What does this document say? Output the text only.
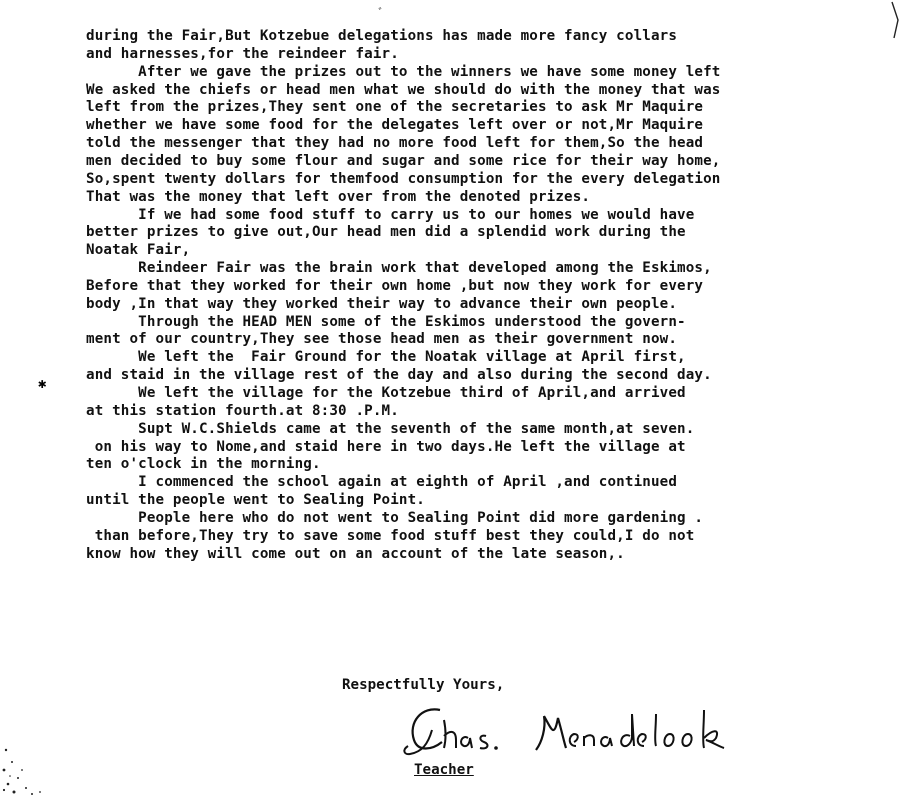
ﾞ
during the Fair,But Kotzebue delegations has made more fancy collars
and harnesses,for the reindeer fair.
After we gave the prizes out to the winners we have some money left
We asked the chiefs or head men what we should do with the money that was
left from the prizes,They sent one of the secretaries to ask Mr Maquire
whether we have some food for the delegates left over or not,Mr Maquire
told the messenger that they had no more food left for them,So the head
men decided to buy some flour and sugar and some rice for their way home,
So,spent twenty dollars for themfood consumption for the every delegation
That was the money that left over from the denoted prizes.
If we had some food stuff to carry us to our homes we would have
better prizes to give out,Our head men did a splendid work during the
Noatak Fair,
Reindeer Fair was the brain work that developed among the Eskimos,
Before that they worked for their own home ,but now they work for every
body ,In that way they worked their way to advance their own people.
Through the HEAD MEN some of the Eskimos understood the govern-
ment of our country,They see those head men as their government now.
We left the  Fair Ground for the Noatak village at April first,
and staid in the village rest of the day and also during the second day.
We left the village for the Kotzebue third of April,and arrived
at this station fourth.at 8:30 .P.M.
Supt W.C.Shields came at the seventh of the same month,at seven.
on his way to Nome,and staid here in two days.He left the village at
ten o'clock in the morning.
I commenced the school again at eighth of April ,and continued
until the people went to Sealing Point.
People here who do not went to Sealing Point did more gardening .
than before,They try to save some food stuff best they could,I do not
know how they will come out on an account of the late season,.
✱
Respectfully Yours,
Teacher
